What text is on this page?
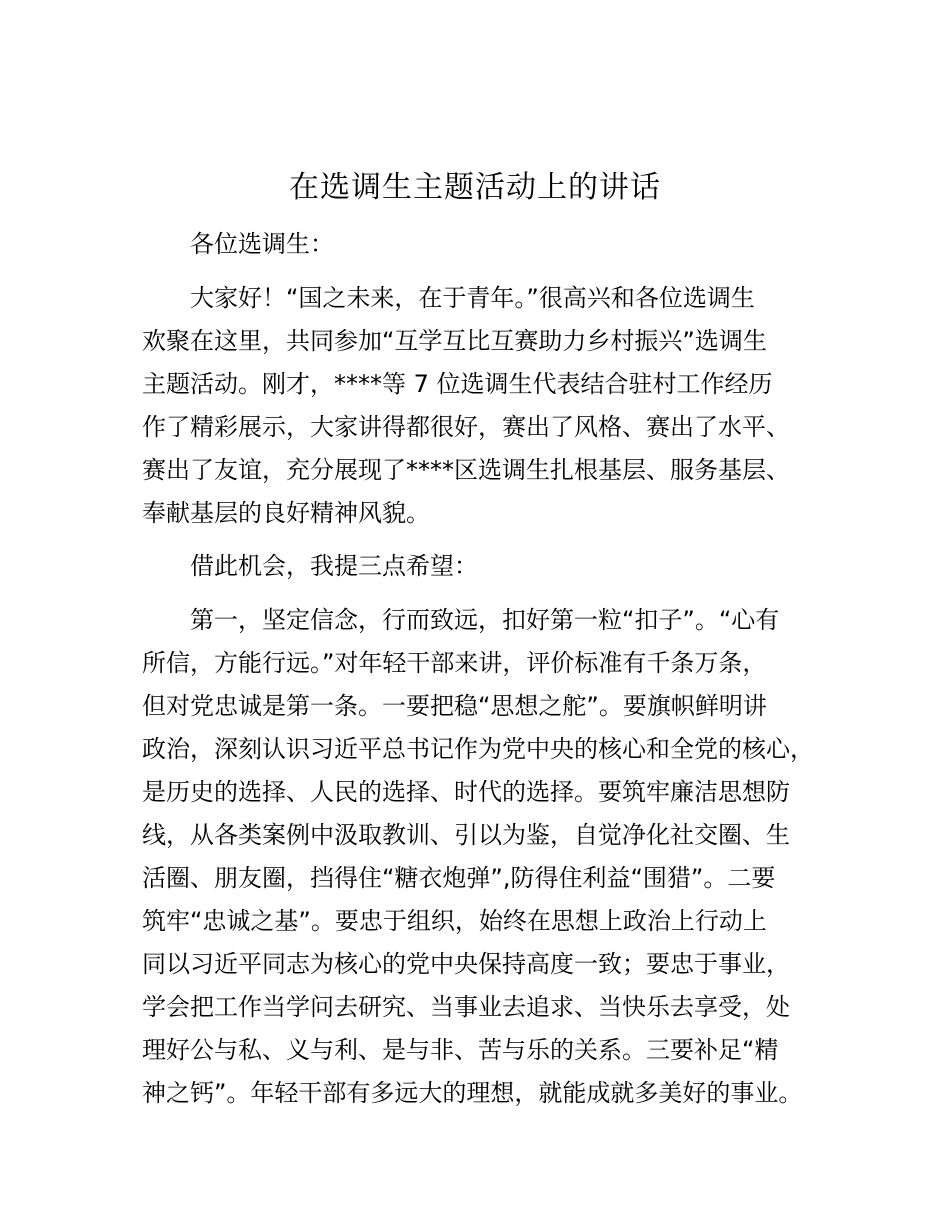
在选调生主题活动上的讲话
各位选调生：
大家好！“国之未来，在于青年。”很高兴和各位选调生
欢聚在这里，共同参加“互学互比互赛助力乡村振兴”选调生
主题活动。刚才，****等 7 位选调生代表结合驻村工作经历
作了精彩展示，大家讲得都很好，赛出了风格、赛出了水平、
赛出了友谊，充分展现了****区选调生扎根基层、服务基层、
奉献基层的良好精神风貌。
借此机会，我提三点希望：
第一，坚定信念，行而致远，扣好第一粒“扣子”。“心有
所信，方能行远。”对年轻干部来讲，评价标准有千条万条，
但对党忠诚是第一条。一要把稳“思想之舵”。要旗帜鲜明讲
政治，深刻认识习近平总书记作为党中央的核心和全党的核心，
是历史的选择、人民的选择、时代的选择。要筑牢廉洁思想防
线，从各类案例中汲取教训、引以为鉴，自觉净化社交圈、生
活圈、朋友圈，挡得住“糖衣炮弹”,防得住利益“围猎”。二要
筑牢“忠诚之基”。要忠于组织，始终在思想上政治上行动上
同以习近平同志为核心的党中央保持高度一致；要忠于事业，
学会把工作当学问去研究、当事业去追求、当快乐去享受，处
理好公与私、义与利、是与非、苦与乐的关系。三要补足“精
神之钙”。年轻干部有多远大的理想，就能成就多美好的事业。
